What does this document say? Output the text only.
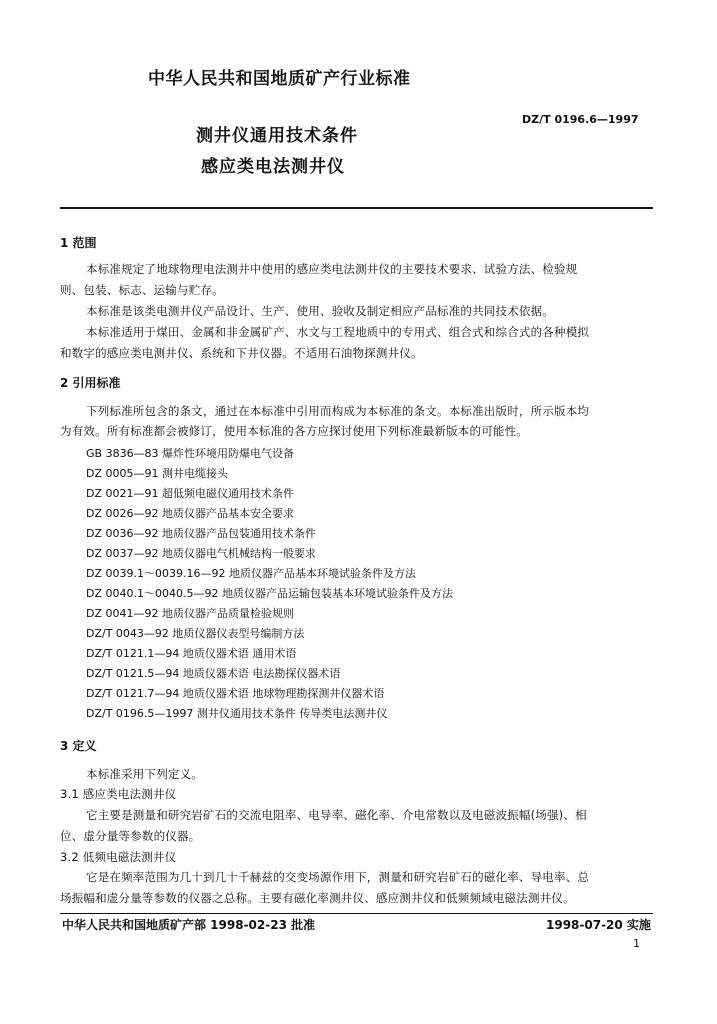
中华人民共和国地质矿产行业标准
DZ/T 0196.6—1997
测井仪通用技术条件
感应类电法测井仪
1 范围
本标准规定了地球物理电法测井中使用的感应类电法测井仪的主要技术要求、试验方法、检验规
则、包装、标志、运输与贮存。
本标准是该类电测井仪产品设计、生产、使用、验收及制定相应产品标准的共同技术依据。
本标准适用于煤田、金属和非金属矿产、水文与工程地质中的专用式、组合式和综合式的各种模拟
和数字的感应类电测井仪、系统和下井仪器。不适用石油物探测井仪。
2 引用标准
下列标准所包含的条文，通过在本标准中引用而构成为本标准的条文。本标准出版时，所示版本均
为有效。所有标准都会被修订，使用本标准的各方应探讨使用下列标准最新版本的可能性。
GB 3836—83 爆炸性环境用防爆电气设备
DZ 0005—91 测井电缆接头
DZ 0021—91 超低频电磁仪通用技术条件
DZ 0026—92 地质仪器产品基本安全要求
DZ 0036—92 地质仪器产品包装通用技术条件
DZ 0037—92 地质仪器电气机械结构一般要求
DZ 0039.1～0039.16—92 地质仪器产品基本环境试验条件及方法
DZ 0040.1～0040.5—92 地质仪器产品运输包装基本环境试验条件及方法
DZ 0041—92 地质仪器产品质量检验规则
DZ/T 0043—92 地质仪器仪表型号编制方法
DZ/T 0121.1—94 地质仪器术语 通用术语
DZ/T 0121.5—94 地质仪器术语 电法勘探仪器术语
DZ/T 0121.7—94 地质仪器术语 地球物理勘探测井仪器术语
DZ/T 0196.5—1997 测井仪通用技术条件 传导类电法测井仪
3 定义
本标准采用下列定义。
3.1 感应类电法测井仪
它主要是测量和研究岩矿石的交流电阻率、电导率、磁化率、介电常数以及电磁波振幅(场强)、相
位、虚分量等参数的仪器。
3.2 低频电磁法测井仪
它是在频率范围为几十到几十千赫兹的交变场源作用下，测量和研究岩矿石的磁化率、导电率、总
场振幅和虚分量等参数的仪器之总称。主要有磁化率测井仪、感应测井仪和低频频域电磁法测井仪。
中华人民共和国地质矿产部 1998-02-23 批准	1998-07-20 实施
1
